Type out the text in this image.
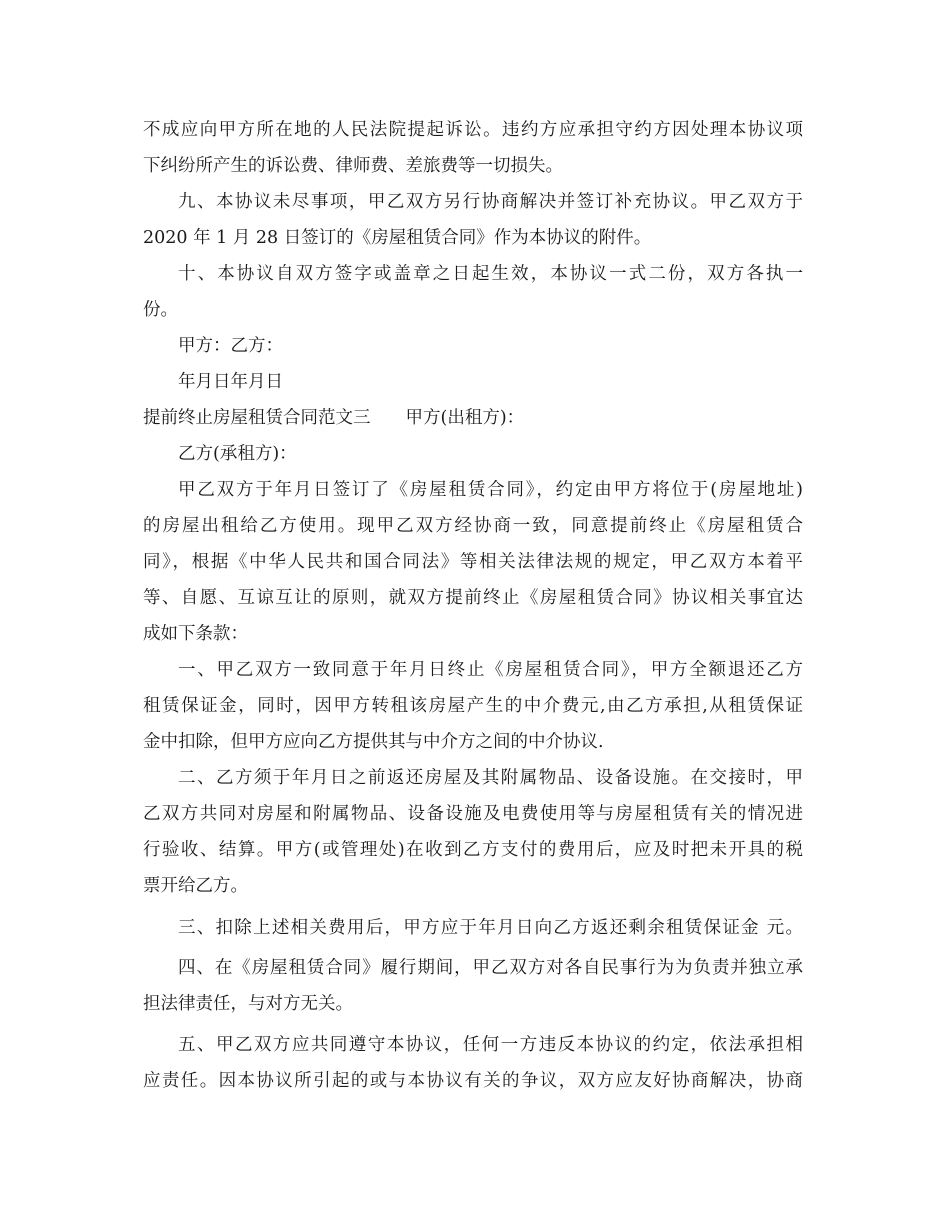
不成应向甲方所在地的人民法院提起诉讼。违约方应承担守约方因处理本协议项
下纠纷所产生的诉讼费、律师费、差旅费等一切损失。
九、本协议未尽事项，甲乙双方另行协商解决并签订补充协议。甲乙双方于
2020 年 1 月 28 日签订的《房屋租赁合同》作为本协议的附件。
十、本协议自双方签字或盖章之日起生效，本协议一式二份，双方各执一
份。
甲方：乙方：
年月日年月日
提前终止房屋租赁合同范文三　　甲方(出租方)：
乙方(承租方)：
甲乙双方于年月日签订了《房屋租赁合同》，约定由甲方将位于(房屋地址)
的房屋出租给乙方使用。现甲乙双方经协商一致，同意提前终止《房屋租赁合
同》，根据《中华人民共和国合同法》等相关法律法规的规定，甲乙双方本着平
等、自愿、互谅互让的原则，就双方提前终止《房屋租赁合同》协议相关事宜达
成如下条款：
一、甲乙双方一致同意于年月日终止《房屋租赁合同》，甲方全额退还乙方
租赁保证金，同时，因甲方转租该房屋产生的中介费元,由乙方承担,从租赁保证
金中扣除，但甲方应向乙方提供其与中介方之间的中介协议.
二、乙方须于年月日之前返还房屋及其附属物品、设备设施。在交接时，甲
乙双方共同对房屋和附属物品、设备设施及电费使用等与房屋租赁有关的情况进
行验收、结算。甲方(或管理处)在收到乙方支付的费用后，应及时把未开具的税
票开给乙方。
三、扣除上述相关费用后，甲方应于年月日向乙方返还剩余租赁保证金 元。
四、在《房屋租赁合同》履行期间，甲乙双方对各自民事行为为负责并独立承
担法律责任，与对方无关。
五、甲乙双方应共同遵守本协议，任何一方违反本协议的约定，依法承担相
应责任。因本协议所引起的或与本协议有关的争议，双方应友好协商解决，协商
